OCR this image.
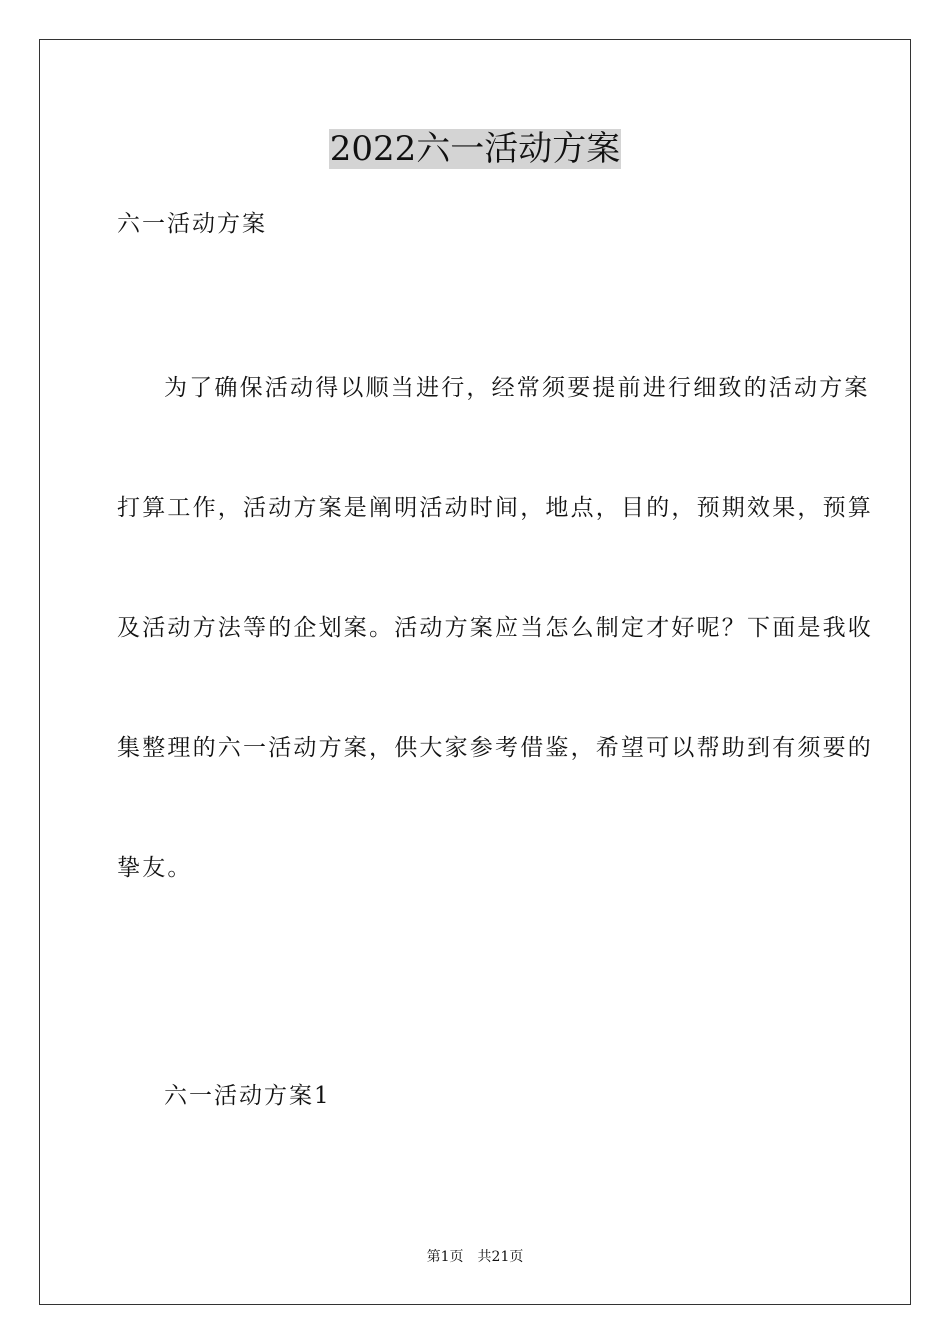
2022六一活动方案
六一活动方案
为了确保活动得以顺当进行，经常须要提前进行细致的活动方案
打算工作，活动方案是阐明活动时间，地点，目的，预期效果，预算
及活动方法等的企划案。活动方案应当怎么制定才好呢？下面是我收
集整理的六一活动方案，供大家参考借鉴，希望可以帮助到有须要的
挚友。
六一活动方案1
第1页 共21页
